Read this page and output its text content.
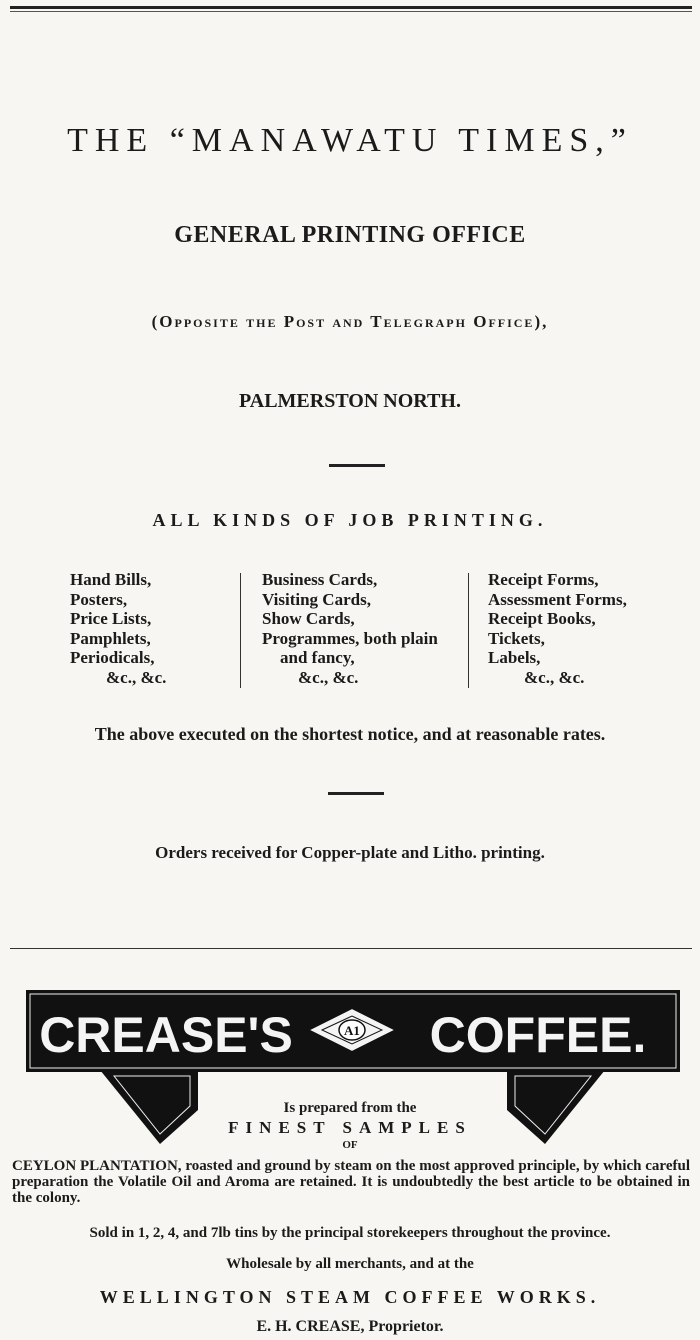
THE “MANAWATU TIMES,”
GENERAL PRINTING OFFICE
(Opposite the Post and Telegraph Office),
PALMERSTON NORTH.
ALL KINDS OF JOB PRINTING.
Hand Bills,
Posters,
Price Lists,
Pamphlets,
Periodicals,
&c., &c.
Business Cards,
Visiting Cards,
Show Cards,
Programmes, both plain
and fancy,
&c., &c.
Receipt Forms,
Assessment Forms,
Receipt Books,
Tickets,
Labels,
&c., &c.
The above executed on the shortest notice, and at reasonable rates.
Orders received for Copper-plate and Litho. printing.
CREASE'S	A1 COFFEE.
Is prepared from the
FINEST SAMPLES
OF
CEYLON PLANTATION, roasted and ground by steam on the most approved principle, by which careful preparation the Volatile Oil and Aroma are retained. It is undoubtedly the best article to be obtained in the colony.
Sold in 1, 2, 4, and 7lb tins by the principal storekeepers throughout the province.
Wholesale by all merchants, and at the
WELLINGTON STEAM COFFEE WORKS.
E. H. CREASE, Proprietor.
